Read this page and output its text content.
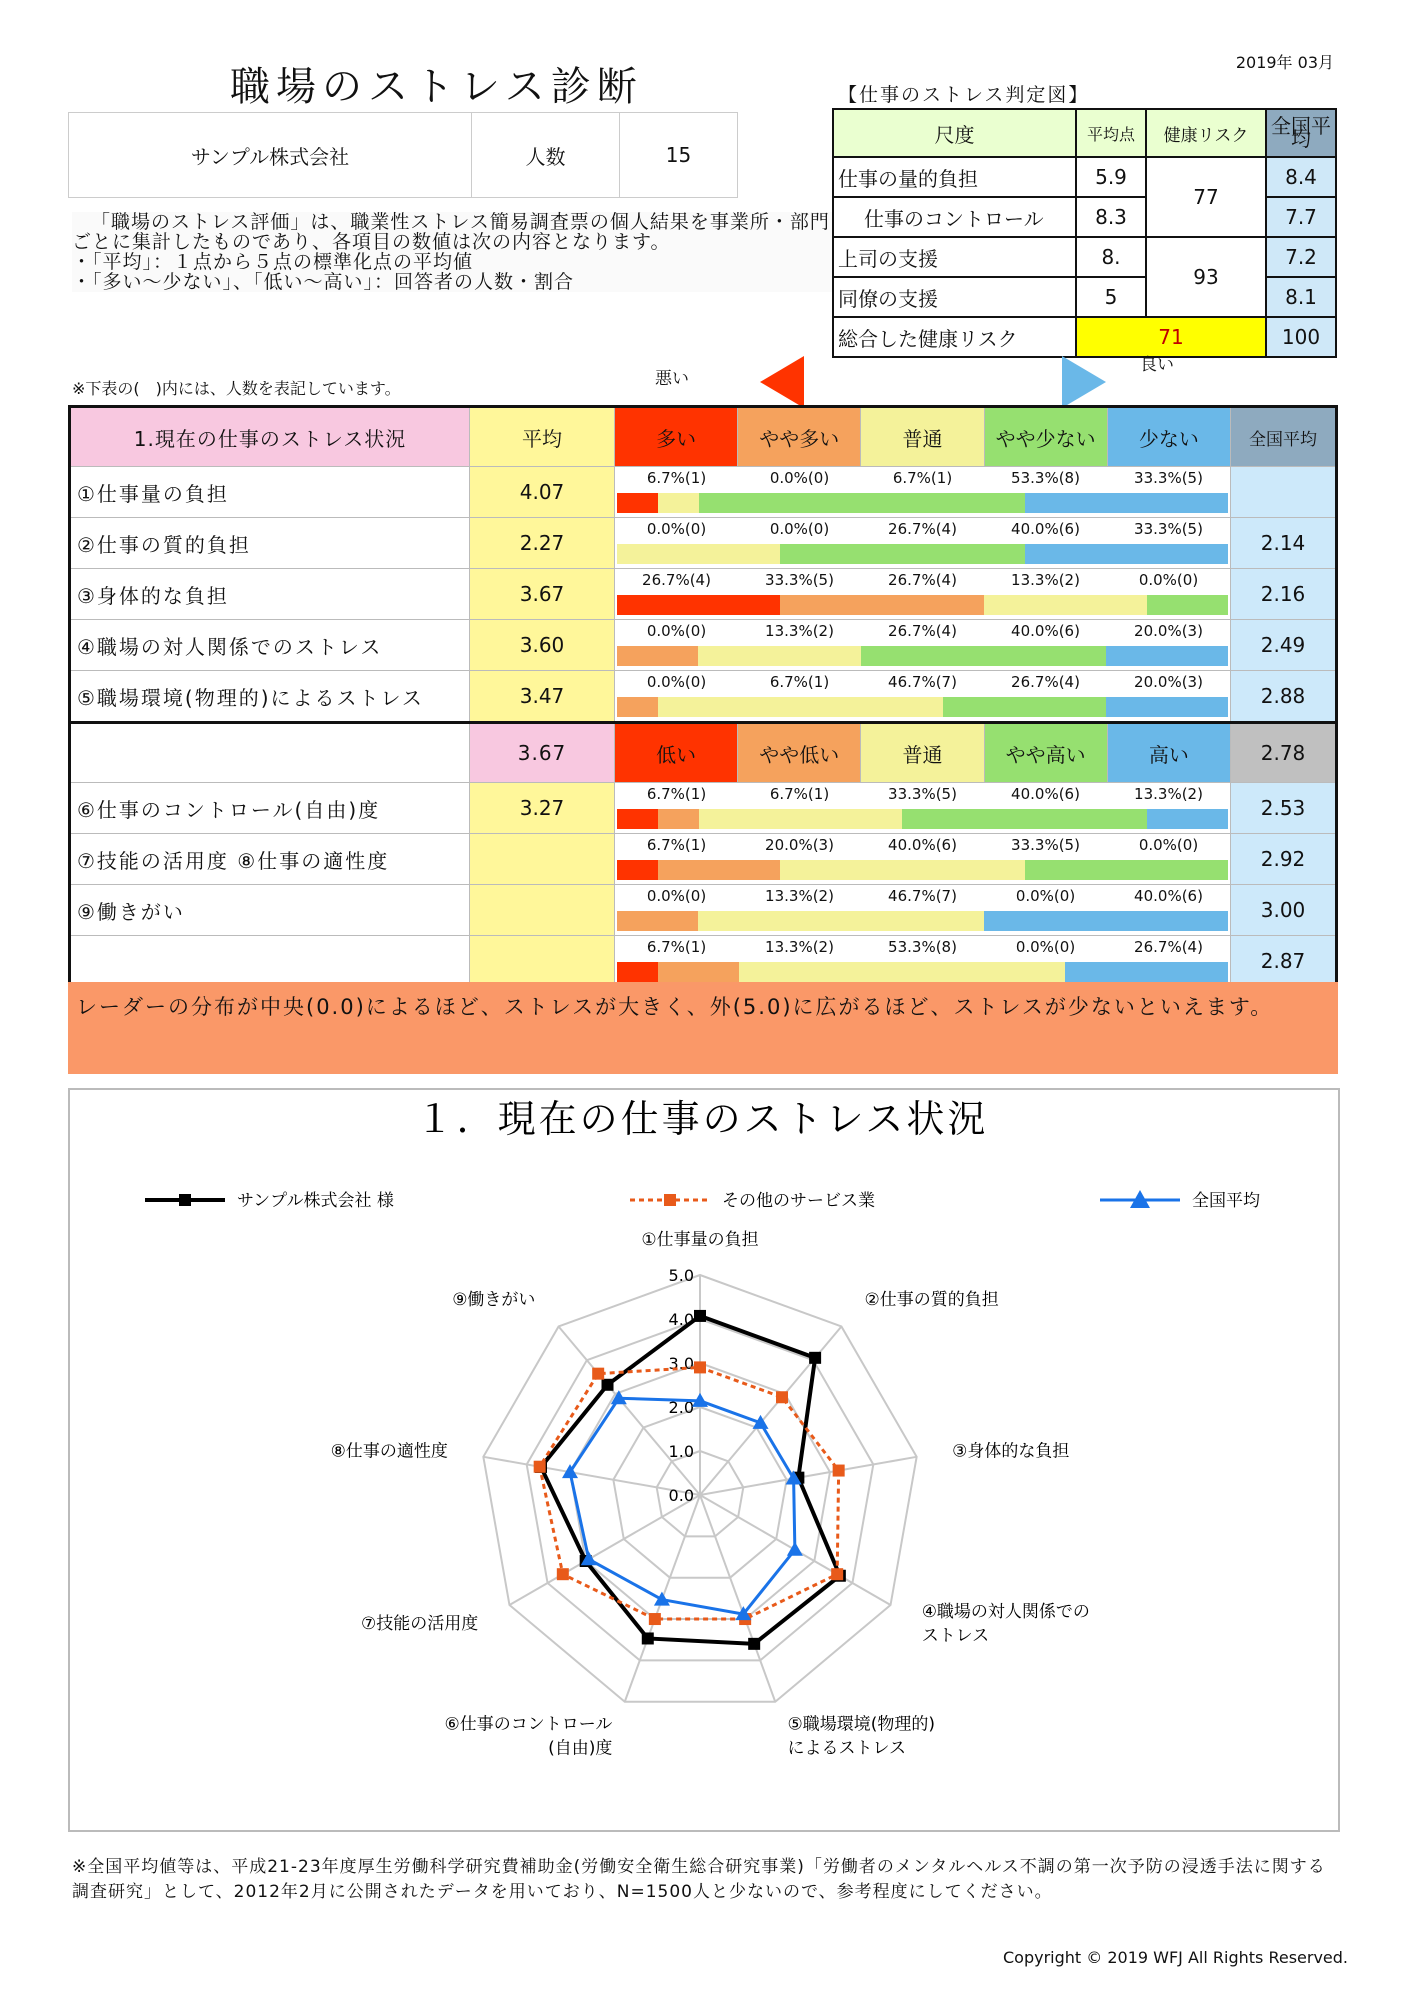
職場のストレス診断
2019年 03月
サンプル株式会社	人数	15
「職場のストレス評価」は、職業性ストレス簡易調査票の個人結果を事業所・部門ごとに集計したものであり、各項目の数値は次の内容となります。
・「平均」：１点から５点の標準化点の平均値
・「多い～少ない」、「低い～高い」：回答者の人数・割合
※下表の(　)内には、人数を表記しています。
【仕事のストレス判定図】
尺度	平均点	健康リスク	全国平均
仕事の量的負担	5.9	77	8.4
仕事のコントロール	8.3		7.7
上司の支援	8.	93	7.2
同僚の支援	5		8.1
総合した健康リスク	71		100
悪い
良い
1.現在の仕事のストレス状況	平均	多い	やや多い	普通	やや少ない	少ない	全国平均
①仕事量の負担	4.07	6.7%(1) 0.0%(0) 6.7%(1) 53.3%(8) 33.3%(5)					

②仕事の質的負担	2.27	0.0%(0) 0.0%(0) 26.7%(4) 40.0%(6) 33.3%(5)					2.14
③身体的な負担	3.67	26.7%(4) 33.3%(5) 26.7%(4) 13.3%(2) 0.0%(0)					2.16
④職場の対人関係でのストレス	3.60	0.0%(0) 13.3%(2) 26.7%(4) 40.0%(6) 20.0%(3)					2.49
⑤職場環境(物理的)によるストレス	3.47	0.0%(0) 6.7%(1) 46.7%(7) 26.7%(4) 20.0%(3)					2.88
	3.67	低い	やや低い	普通	やや高い	高い	2.78
⑥仕事のコントロール(自由)度	3.27	6.7%(1) 6.7%(1) 33.3%(5) 40.0%(6) 13.3%(2)					2.53
⑦技能の活用度 ⑧仕事の適性度		6.7%(1) 20.0%(3) 40.0%(6) 33.3%(5) 0.0%(0)					2.92
⑨働きがい		0.0%(0) 13.3%(2) 46.7%(7) 0.0%(0) 40.0%(6)					3.00

		6.7%(1) 13.3%(2) 53.3%(8) 0.0%(0) 26.7%(4)					2.87
レーダーの分布が中央(0.0)によるほど、ストレスが大きく、外(5.0)に広がるほど、ストレスが少ないといえます。
１．現在の仕事のストレス状況
0.0
1.0
2.0
3.0
4.0
5.0
①仕事量の負担
②仕事の質的負担
③身体的な負担
④職場の対人関係でのストレス
⑤職場環境(物理的)によるストレス
⑥仕事のコントロール(自由)度
⑦技能の活用度
⑧仕事の適性度
⑨働きがい
サンプル株式会社 様	その他のサービス業	全国平均
※全国平均値等は、平成21-23年度厚生労働科学研究費補助金(労働安全衛生総合研究事業)「労働者のメンタルヘルス不調の第一次予防の浸透手法に関する調査研究」として、2012年2月に公開されたデータを用いており、N=1500人と少ないので、参考程度にしてください。
Copyright © 2019 WFJ All Rights Reserved.
